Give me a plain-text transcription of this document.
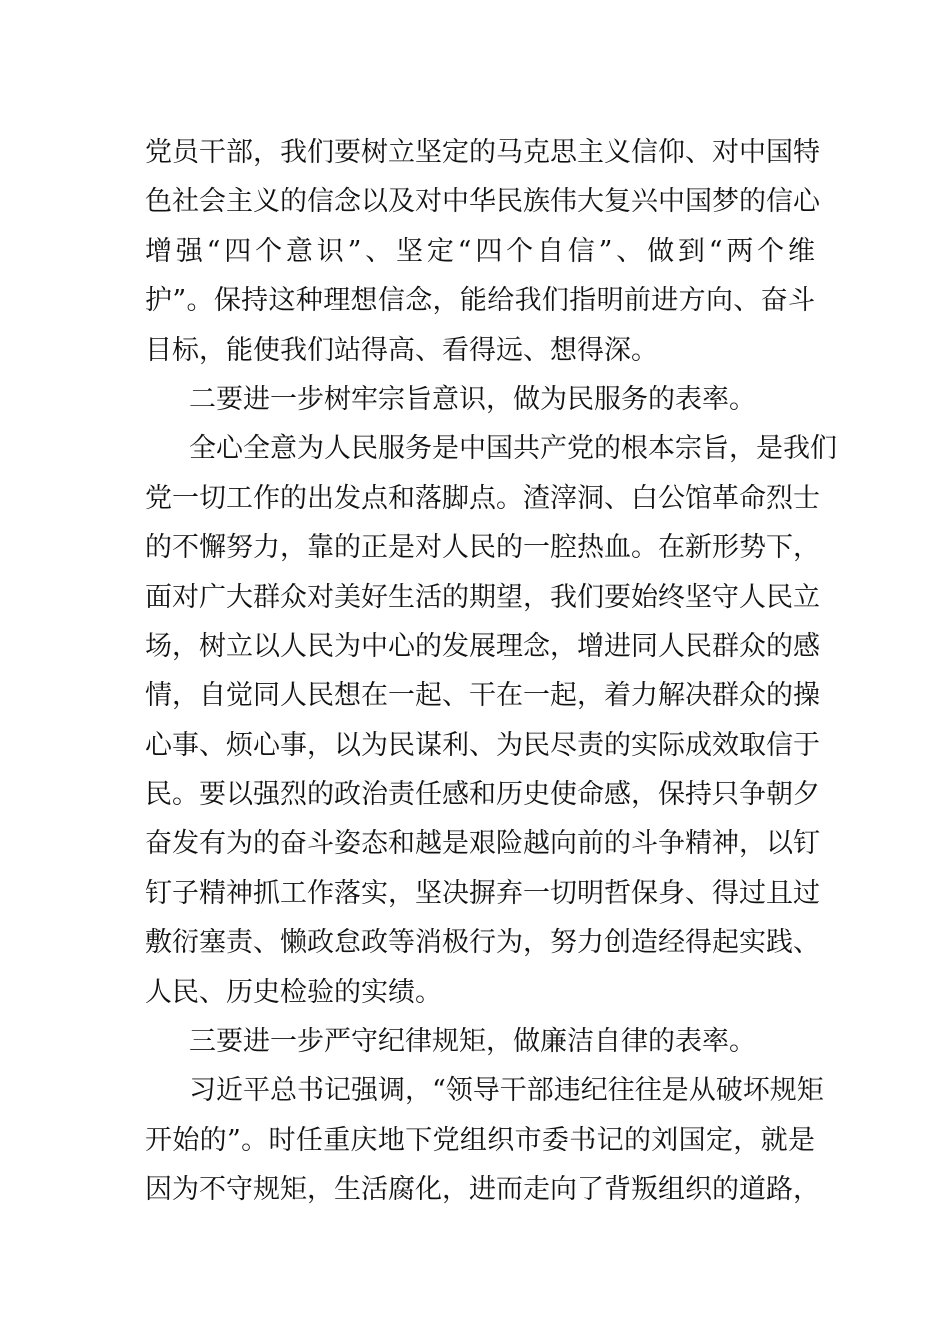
党员干部，我们要树立坚定的马克思主义信仰、对中国特
色社会主义的信念以及对中华民族伟大复兴中国梦的信心
增强“四个意识”、坚定“四个自信”、做到“两个维
护”。保持这种理想信念，能给我们指明前进方向、奋斗
目标，能使我们站得高、看得远、想得深。
二要进一步树牢宗旨意识，做为民服务的表率。
全心全意为人民服务是中国共产党的根本宗旨，是我们
党一切工作的出发点和落脚点。渣滓洞、白公馆革命烈士
的不懈努力，靠的正是对人民的一腔热血。在新形势下，
面对广大群众对美好生活的期望，我们要始终坚守人民立
场，树立以人民为中心的发展理念，增进同人民群众的感
情，自觉同人民想在一起、干在一起，着力解决群众的操
心事、烦心事，以为民谋利、为民尽责的实际成效取信于
民。要以强烈的政治责任感和历史使命感，保持只争朝夕
奋发有为的奋斗姿态和越是艰险越向前的斗争精神，以钉
钉子精神抓工作落实，坚决摒弃一切明哲保身、得过且过
敷衍塞责、懒政怠政等消极行为，努力创造经得起实践、
人民、历史检验的实绩。
三要进一步严守纪律规矩，做廉洁自律的表率。
习近平总书记强调，“领导干部违纪往往是从破坏规矩
开始的”。时任重庆地下党组织市委书记的刘国定，就是
因为不守规矩，生活腐化，进而走向了背叛组织的道路，
